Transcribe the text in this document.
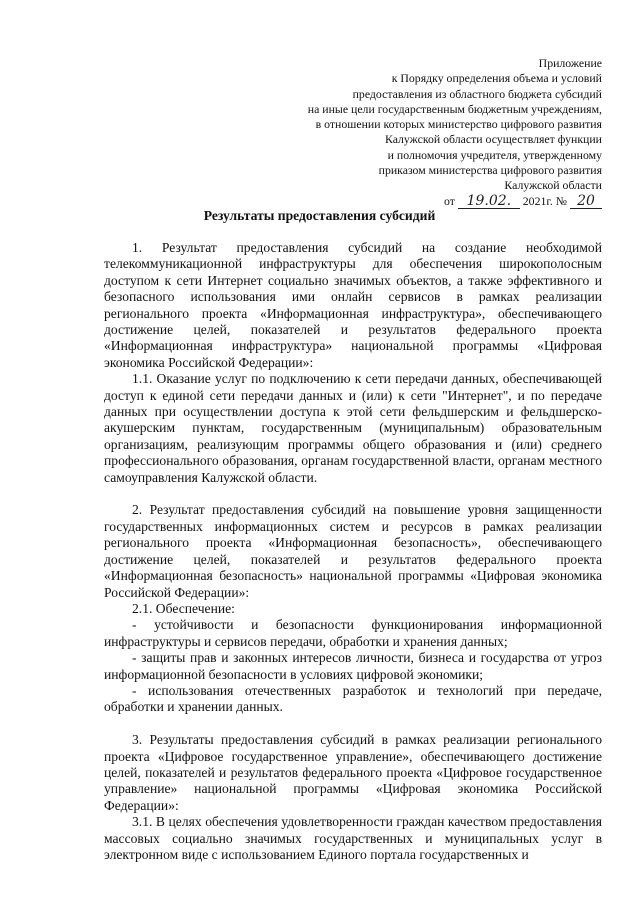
Приложение
к Порядку определения объема и условий
предоставления из областного бюджета субсидий
на иные цели государственным бюджетным учреждениям,
в отношении которых министерство цифрового развития
Калужской области осуществляет функции
и полномочия учредителя, утвержденному
приказом министерства цифрового развития
Калужской области
от 19.02. 2021г. № 20
Результаты предоставления субсидий

1. Результат предоставления субсидий на создание необходимой телекоммуникационной инфраструктуры для обеспечения широкополосным доступом к сети Интернет социально значимых объектов, а также эффективного и безопасного использования ими онлайн сервисов в рамках реализации регионального проекта «Информационная инфраструктура», обеспечивающего достижение целей, показателей и результатов федерального проекта «Информационная инфраструктура» национальной программы «Цифровая экономика Российской Федерации»:

1.1. Оказание услуг по подключению к сети передачи данных, обеспечивающей доступ к единой сети передачи данных и (или) к сети "Интернет", и по передаче данных при осуществлении доступа к этой сети фельдшерским и фельдшерско-акушерским пунктам, государственным (муниципальным) образовательным организациям, реализующим программы общего образования и (или) среднего профессионального образования, органам государственной власти, органам местного самоуправления Калужской области.

2. Результат предоставления субсидий на повышение уровня защищенности государственных информационных систем и ресурсов в рамках реализации регионального проекта «Информационная безопасность», обеспечивающего достижение целей, показателей и результатов федерального проекта «Информационная безопасность» национальной программы «Цифровая экономика Российской Федерации»:

2.1. Обеспечение:

- устойчивости и безопасности функционирования информационной инфраструктуры и сервисов передачи, обработки и хранения данных;

- защиты прав и законных интересов личности, бизнеса и государства от угроз информационной безопасности в условиях цифровой экономики;

- использования отечественных разработок и технологий при передаче, обработки и хранении данных.

3. Результаты предоставления субсидий в рамках реализации регионального проекта «Цифровое государственное управление», обеспечивающего достижение целей, показателей и результатов федерального проекта «Цифровое государственное управление» национальной программы «Цифровая экономика Российской Федерации»:

3.1. В целях обеспечения удовлетворенности граждан качеством предоставления массовых социально значимых государственных и муниципальных услуг в электронном виде с использованием Единого портала государственных и
